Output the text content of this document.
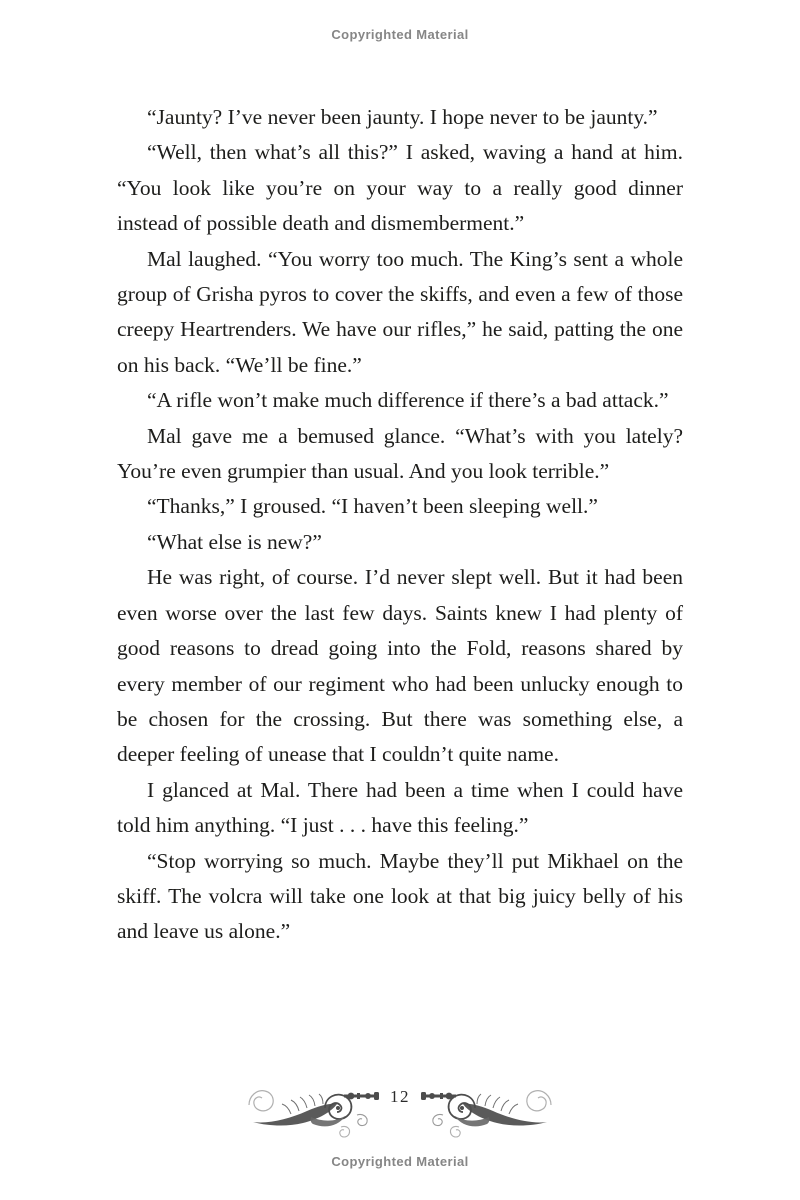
Copyrighted Material

“Jaunty? I’ve never been jaunty. I hope never to be jaunty.”

“Well, then what’s all this?” I asked, waving a hand at him. “You look like you’re on your way to a really good dinner instead of possible death and dismemberment.”

Mal laughed. “You worry too much. The King’s sent a whole group of Grisha pyros to cover the skiffs, and even a few of those creepy Heartrenders. We have our rifles,” he said, patting the one on his back. “We’ll be fine.”

“A rifle won’t make much difference if there’s a bad attack.”

Mal gave me a bemused glance. “What’s with you lately? You’re even grumpier than usual. And you look terrible.”

“Thanks,” I groused. “I haven’t been sleeping well.”

“What else is new?”

He was right, of course. I’d never slept well. But it had been even worse over the last few days. Saints knew I had plenty of good reasons to dread going into the Fold, reasons shared by every member of our regiment who had been unlucky enough to be chosen for the crossing. But there was something else, a deeper feeling of unease that I couldn’t quite name.

I glanced at Mal. There had been a time when I could have told him anything. “I just . . . have this feeling.”

“Stop worrying so much. Maybe they’ll put Mikhael on the skiff. The volcra will take one look at that big juicy belly of his and leave us alone.”

12
Copyrighted Material
